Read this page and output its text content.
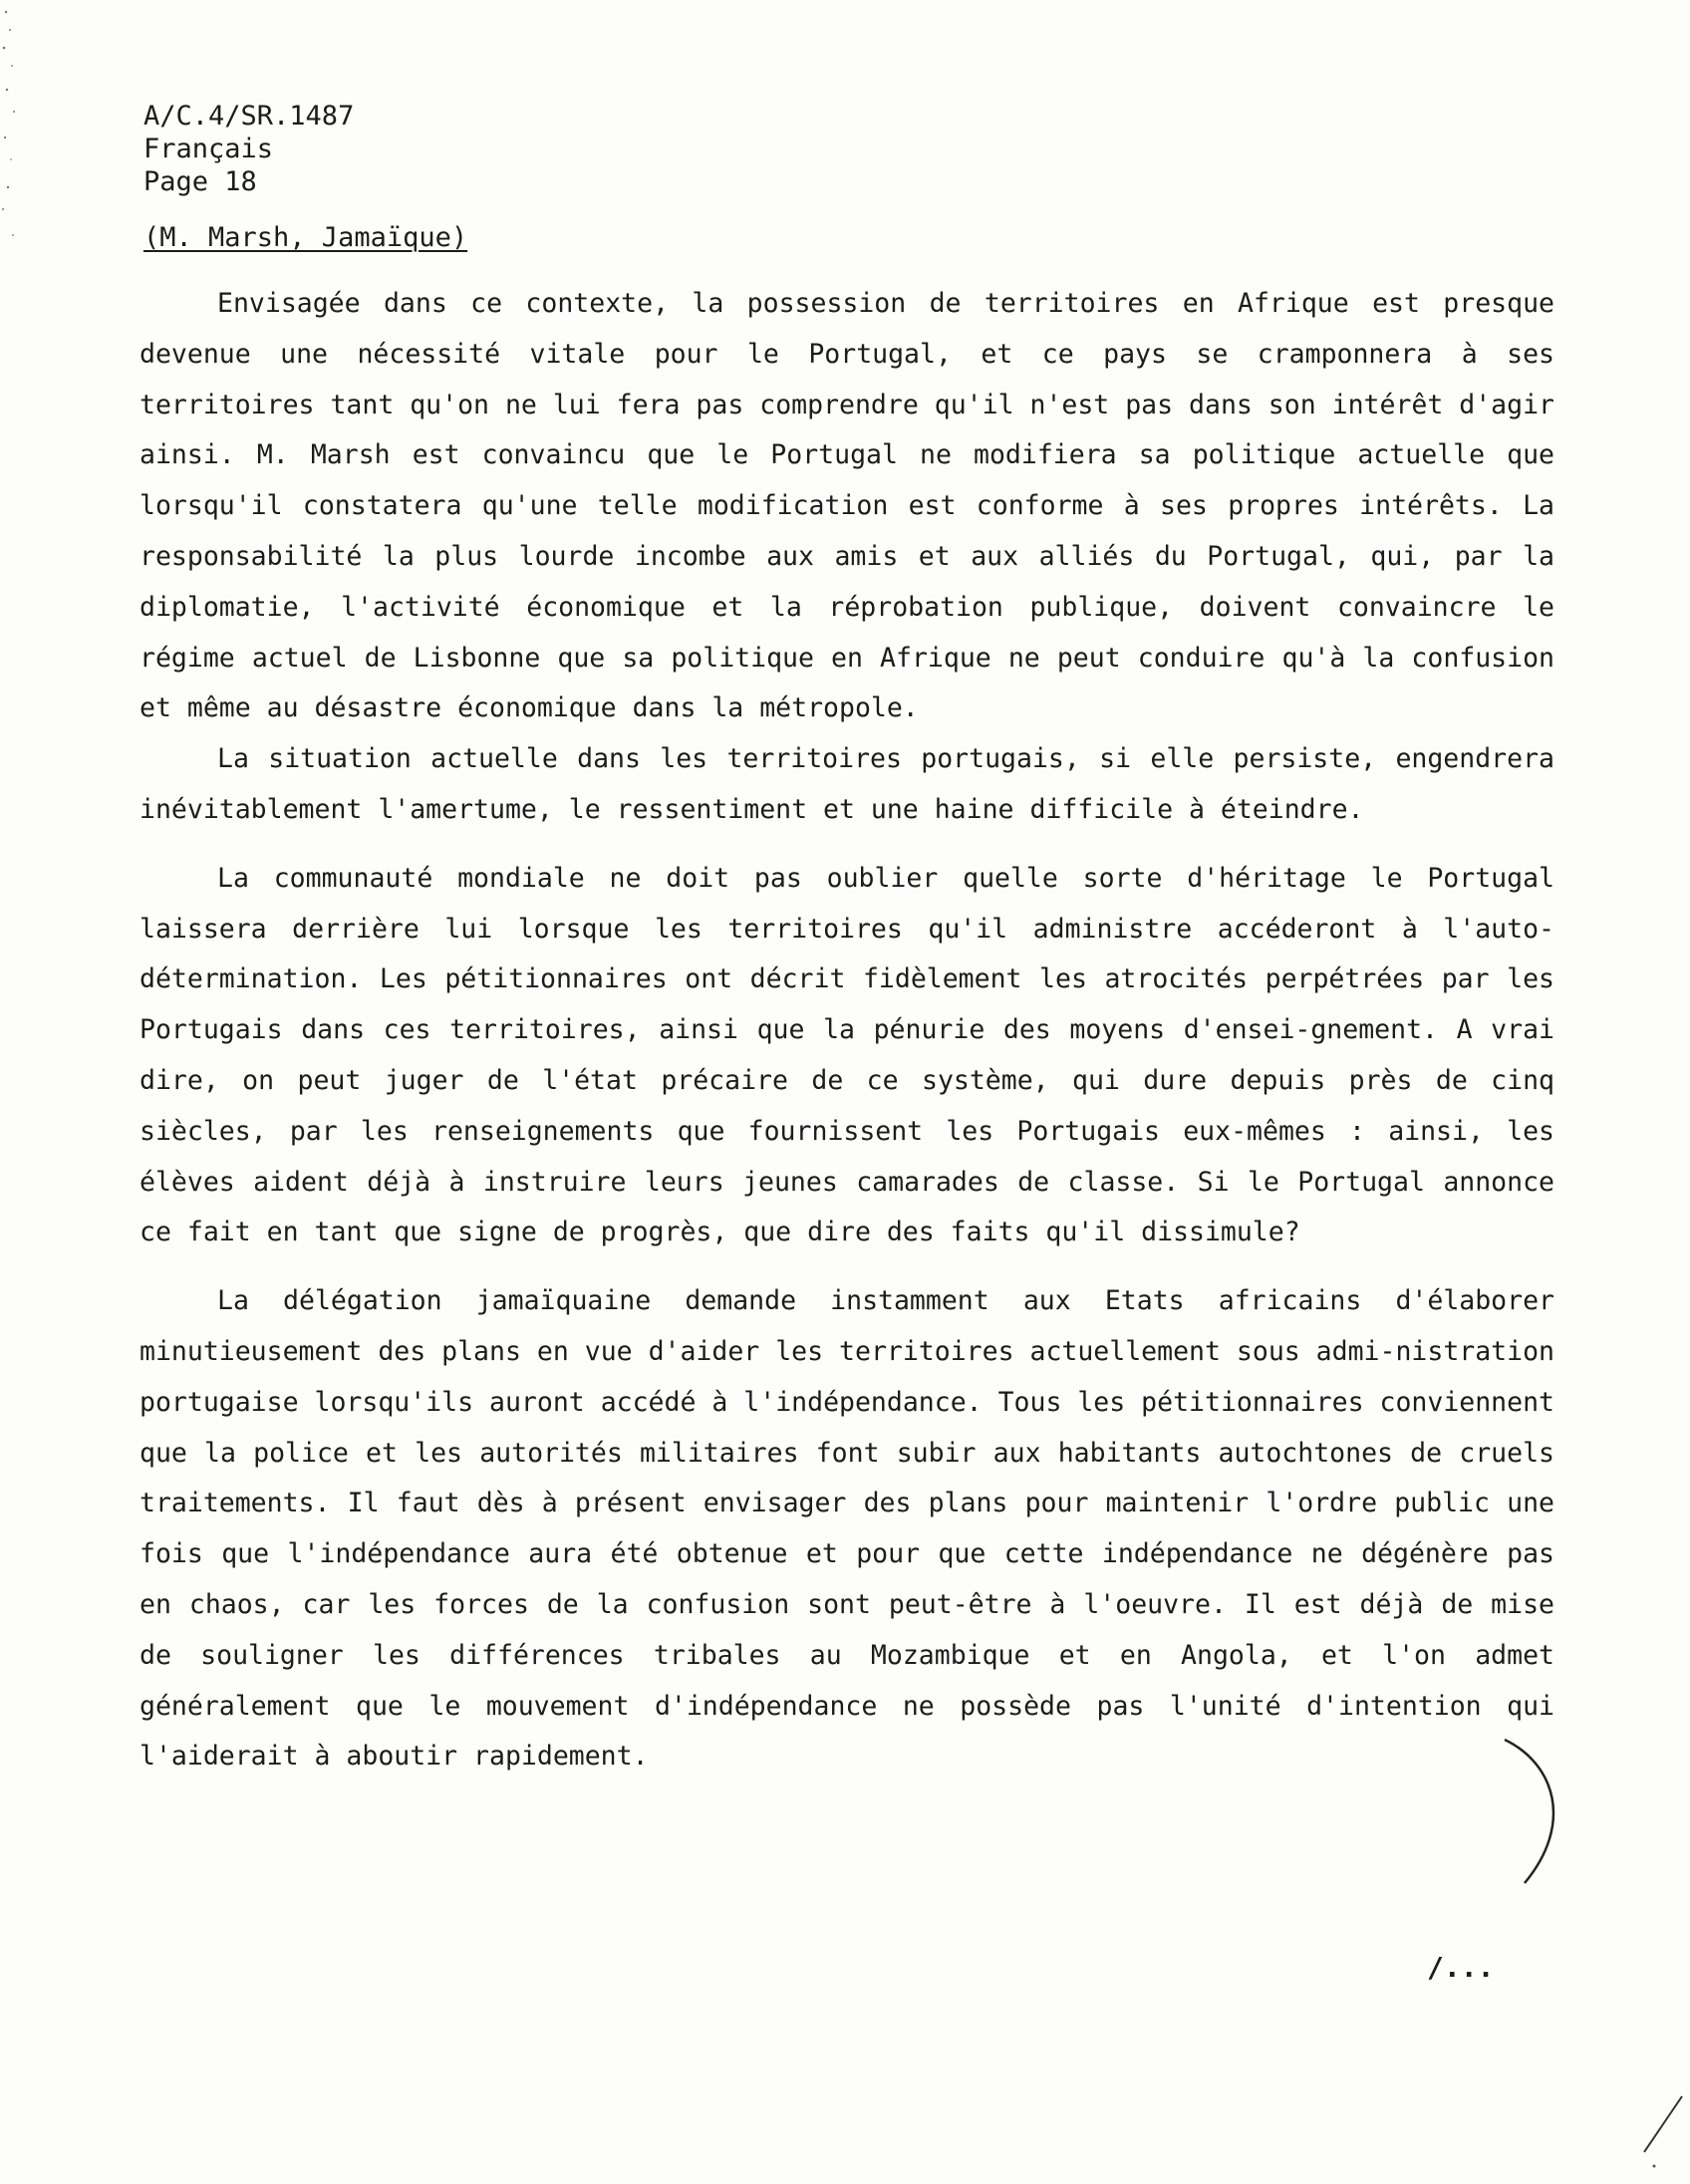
A/C.4/SR.1487
Français
Page 18
(M. Marsh, Jamaïque)

Envisagée dans ce contexte, la possession de territoires en Afrique est presque devenue une nécessité vitale pour le Portugal, et ce pays se cramponnera à ses territoires tant qu'on ne lui fera pas comprendre qu'il n'est pas dans son intérêt d'agir ainsi. M. Marsh est convaincu que le Portugal ne modifiera sa politique actuelle que lorsqu'il constatera qu'une telle modification est conforme à ses propres intérêts. La responsabilité la plus lourde incombe aux amis et aux alliés du Portugal, qui, par la diplomatie, l'activité économique et la réprobation publique, doivent convaincre le régime actuel de Lisbonne que sa politique en Afrique ne peut conduire qu'à la confusion et même au désastre économique dans la métropole.

La situation actuelle dans les territoires portugais, si elle persiste, engendrera inévitablement l'amertume, le ressentiment et une haine difficile à éteindre.

La communauté mondiale ne doit pas oublier quelle sorte d'héritage le Portugal laissera derrière lui lorsque les territoires qu'il administre accéderont à l'auto-détermination. Les pétitionnaires ont décrit fidèlement les atrocités perpétrées par les Portugais dans ces territoires, ainsi que la pénurie des moyens d'ensei-gnement. A vrai dire, on peut juger de l'état précaire de ce système, qui dure depuis près de cinq siècles, par les renseignements que fournissent les Portugais eux-mêmes : ainsi, les élèves aident déjà à instruire leurs jeunes camarades de classe. Si le Portugal annonce ce fait en tant que signe de progrès, que dire des faits qu'il dissimule?

La délégation jamaïquaine demande instamment aux Etats africains d'élaborer minutieusement des plans en vue d'aider les territoires actuellement sous admi-nistration portugaise lorsqu'ils auront accédé à l'indépendance. Tous les pétitionnaires conviennent que la police et les autorités militaires font subir aux habitants autochtones de cruels traitements. Il faut dès à présent envisager des plans pour maintenir l'ordre public une fois que l'indépendance aura été obtenue et pour que cette indépendance ne dégénère pas en chaos, car les forces de la confusion sont peut-être à l'oeuvre. Il est déjà de mise de souligner les différences tribales au Mozambique et en Angola, et l'on admet généralement que le mouvement d'indépendance ne possède pas l'unité d'intention qui l'aiderait à aboutir rapidement.

/...
